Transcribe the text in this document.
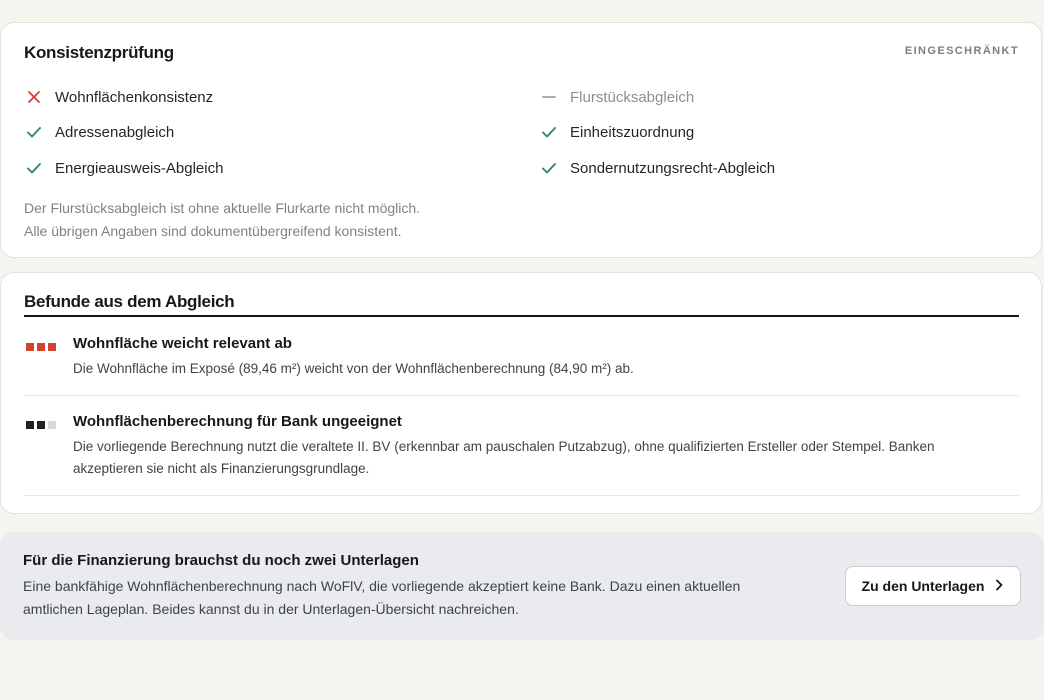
Konsistenzprüfung	EINGESCHRÄNKT
Wohnflächenkonsistenz	Flurstücksabgleich
Adressenabgleich	Einheitszuordnung
Energieausweis-Abgleich	Sondernutzungsrecht-Abgleich
Der Flurstücksabgleich ist ohne aktuelle Flurkarte nicht möglich.
Alle übrigen Angaben sind dokumentübergreifend konsistent.
Befunde aus dem Abgleich
Wohnfläche weicht relevant ab
Die Wohnfläche im Exposé (89,46 m²) weicht von der Wohnflächenberechnung (84,90 m²) ab.
Wohnflächenberechnung für Bank ungeeignet
Die vorliegende Berechnung nutzt die veraltete II. BV (erkennbar am pauschalen Putzabzug), ohne qualifizierten Ersteller oder Stempel. Banken akzeptieren sie nicht als Finanzierungsgrundlage.
Für die Finanzierung brauchst du noch zwei Unterlagen
Eine bankfähige Wohnflächenberechnung nach WoFlV, die vorliegende akzeptiert keine Bank. Dazu einen aktuellen amtlichen Lageplan. Beides kannst du in der Unterlagen-Übersicht nachreichen.
Zu den Unterlagen
